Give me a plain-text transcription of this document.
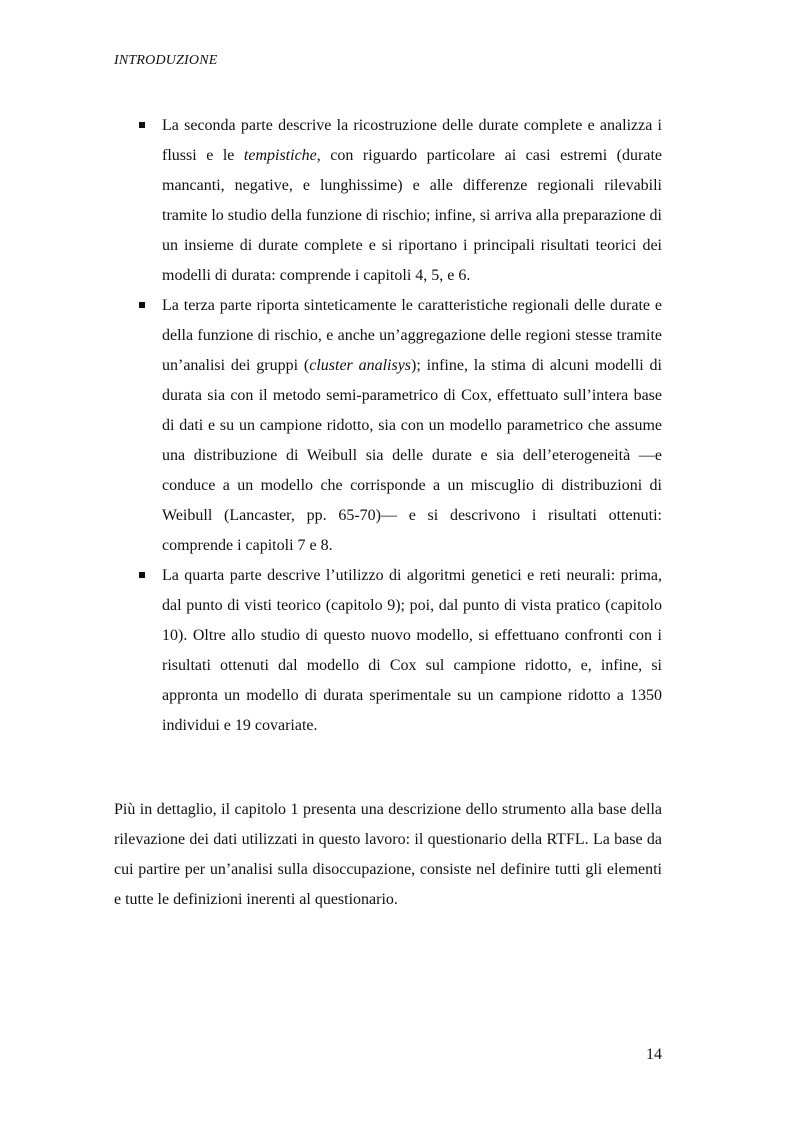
INTRODUZIONE
La seconda parte descrive la ricostruzione delle durate complete e analizza i flussi e le tempistiche, con riguardo particolare ai casi estremi (durate mancanti, negative, e lunghissime) e alle differenze regionali rilevabili tramite lo studio della funzione di rischio; infine, si arriva alla preparazione di un insieme di durate complete e si riportano i principali risultati teorici dei modelli di durata: comprende i capitoli 4, 5, e 6.
La terza parte riporta sinteticamente le caratteristiche regionali delle durate e della funzione di rischio, e anche un’aggregazione delle regioni stesse tramite un’analisi dei gruppi (cluster analisys); infine, la stima di alcuni modelli di durata sia con il metodo semi-parametrico di Cox, effettuato sull’intera base di dati e su un campione ridotto, sia con un modello parametrico che assume una distribuzione di Weibull sia delle durate e sia dell’eterogeneità —e conduce a un modello che corrisponde a un miscuglio di distribuzioni di Weibull (Lancaster, pp. 65-70)— e si descrivono i risultati ottenuti: comprende i capitoli 7 e 8.
La quarta parte descrive l’utilizzo di algoritmi genetici e reti neurali: prima, dal punto di visti teorico (capitolo 9); poi, dal punto di vista pratico (capitolo 10). Oltre allo studio di questo nuovo modello, si effettuano confronti con i risultati ottenuti dal modello di Cox sul campione ridotto, e, infine, si appronta un modello di durata sperimentale su un campione ridotto a 1350 individui e 19 covariate.

Più in dettaglio, il capitolo 1 presenta una descrizione dello strumento alla base della rilevazione dei dati utilizzati in questo lavoro: il questionario della RTFL. La base da cui partire per un’analisi sulla disoccupazione, consiste nel definire tutti gli elementi e tutte le definizioni inerenti al questionario.

14
